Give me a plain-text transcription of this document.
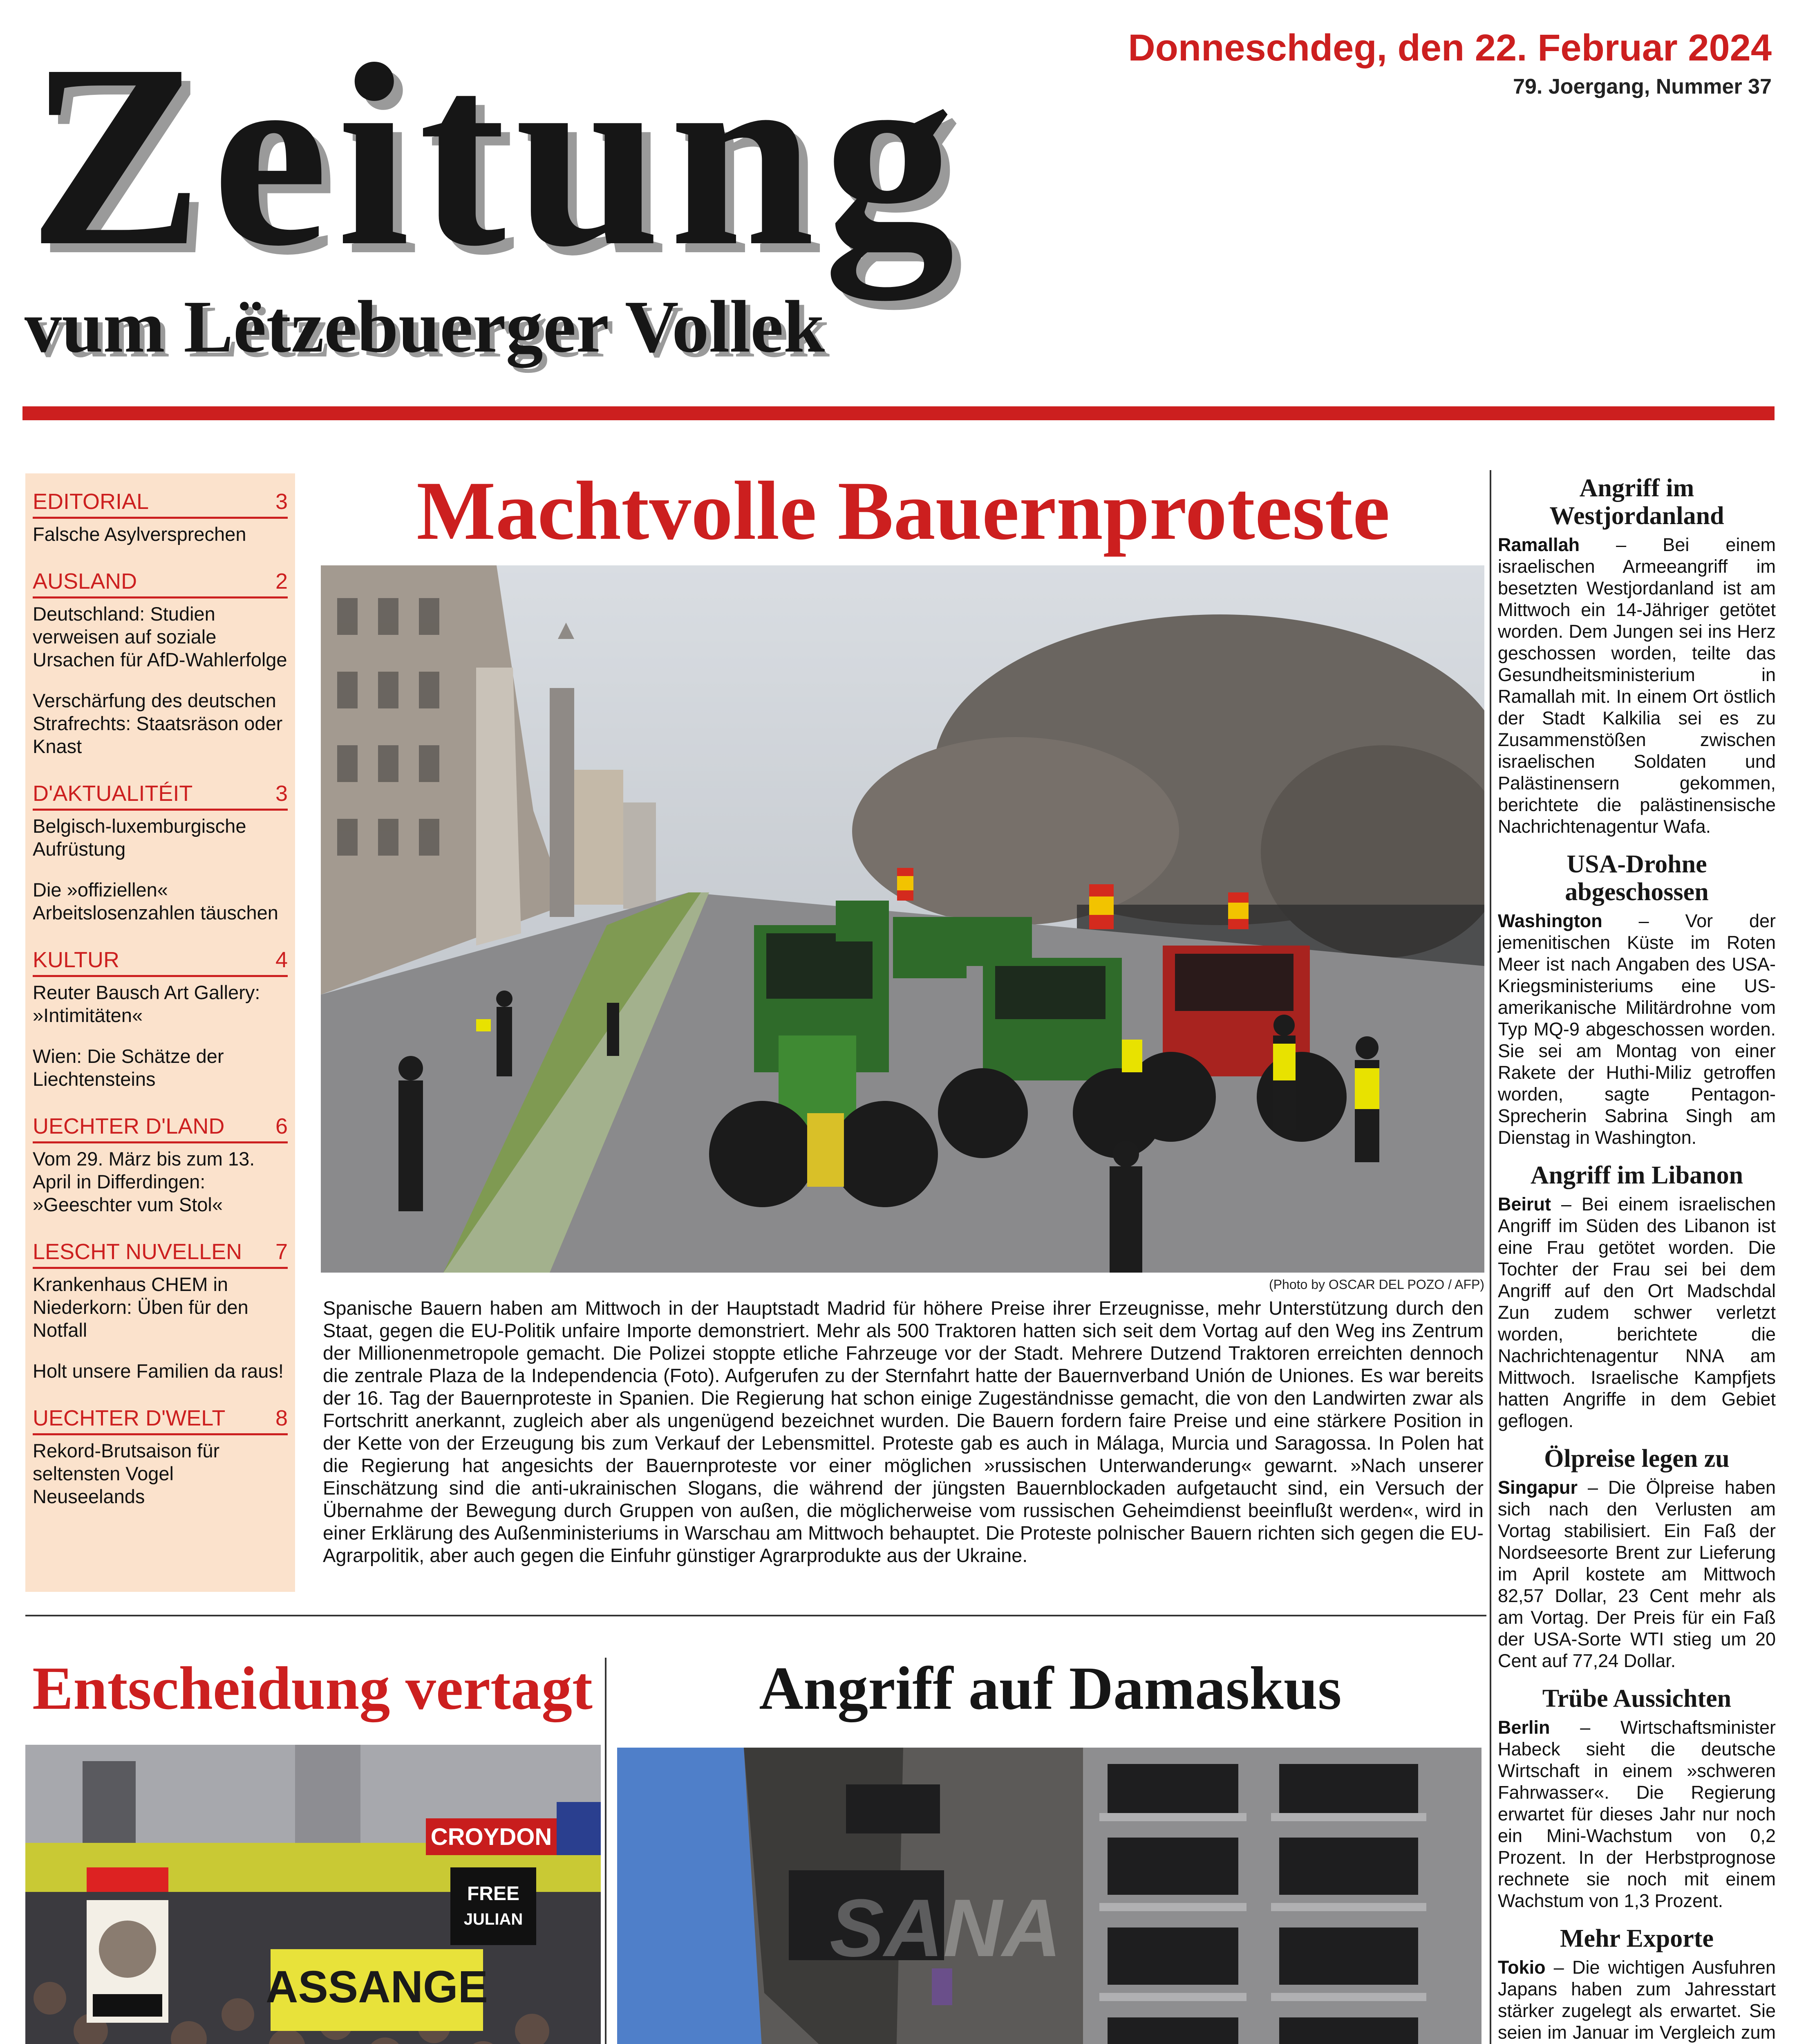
Zeitung
vum Lëtzebuerger Vollek
Donneschdeg, den 22. Februar 2024
79. Joergang, Nummer 37
EDITORIAL	3
Falsche Asylversprechen
AUSLAND	2
Deutschland: Studien verweisen auf soziale Ursachen für AfD-Wahlerfolge
Verschärfung des deutschen Strafrechts: Staatsräson oder Knast
D'AKTUALITÉIT	3
Belgisch-luxemburgische Aufrüstung
Die »offiziellen« Arbeitslosenzahlen täuschen
KULTUR	4
Reuter Bausch Art Gallery: »Intimitäten«
Wien: Die Schätze der Liechtensteins
UECHTER D'LAND 6
Vom 29. März bis zum 13. April in Differdingen: »Geeschter vum Stol«
LESCHT NUVELLEN 7
Krankenhaus CHEM in Niederkorn: Üben für den Notfall
Holt unsere Familien da raus!
UECHTER D'WELT 8
Rekord-Brutsaison für seltensten Vogel Neuseelands
Machtvolle Bauernproteste
(Photo by OSCAR DEL POZO / AFP)
Spanische Bauern haben am Mittwoch in der Hauptstadt Madrid für höhere Preise ihrer Erzeugnisse, mehr Unterstützung durch den Staat, gegen die EU-Politik unfaire Importe demonstriert. Mehr als 500 Traktoren hatten sich seit dem Vortag auf den Weg ins Zentrum der Millionenmetropole gemacht. Die Polizei stoppte etliche Fahrzeuge vor der Stadt. Mehrere Dutzend Traktoren erreichten dennoch die zentrale Plaza de la Independencia (Foto). Aufgerufen zu der Sternfahrt hatte der Bauernverband Unión de Uniones. Es war bereits der 16. Tag der Bauernproteste in Spanien. Die Regierung hat schon einige Zugeständnisse gemacht, die von den Landwirten zwar als Fortschritt anerkannt, zugleich aber als ungenügend bezeichnet wurden. Die Bauern fordern faire Preise und eine stärkere Position in der Kette von der Erzeugung bis zum Verkauf der Lebensmittel. Proteste gab es auch in Málaga, Murcia und Saragossa. In Polen hat die Regierung hat angesichts der Bauernproteste vor einer möglichen »russischen Unterwanderung« gewarnt. »Nach unserer Einschätzung sind die anti-ukrainischen Slogans, die während der jüngsten Bauernblockaden aufgetaucht sind, ein Versuch der Übernahme der Bewegung durch Gruppen von außen, die möglicherweise vom russischen Geheimdienst beeinflußt werden«, wird in einer Erklärung des Außenministeriums in Warschau am Mittwoch behauptet. Die Proteste polnischer Bauern richten sich gegen die EU-Agrarpolitik, aber auch gegen die Einfuhr günstiger Agrarprodukte aus der Ukraine.
Entscheidung vertagt
ASSANGE
CROYDON
FREE
JULIAN
Angriff auf Damaskus
SANA
Angriff im Westjordanland

Ramallah – Bei einem israelischen Armeeangriff im besetzten Westjordanland ist am Mittwoch ein 14-Jähriger getötet worden. Dem Jungen sei ins Herz geschossen worden, teilte das Gesundheitsministerium in Ramallah mit. In einem Ort östlich der Stadt Kalkilia sei es zu Zusammenstößen zwischen israelischen Soldaten und Palästinensern gekommen, berichtete die palästinensische Nachrichtenagentur Wafa.

USA-Drohne abgeschossen

Washington – Vor der jemenitischen Küste im Roten Meer ist nach Angaben des USA-Kriegsministeriums eine US-amerikanische Militärdrohne vom Typ MQ-9 abgeschossen worden. Sie sei am Montag von einer Rakete der Huthi-Miliz getroffen worden, sagte Pentagon-Sprecherin Sabrina Singh am Dienstag in Washington.

Angriff im Libanon

Beirut – Bei einem israelischen Angriff im Süden des Libanon ist eine Frau getötet worden. Die Tochter der Frau sei bei dem Angriff auf den Ort Madschdal Zun zudem schwer verletzt worden, berichtete die Nachrichtenagentur NNA am Mittwoch. Israelische Kampfjets hatten Angriffe in dem Gebiet geflogen.

Ölpreise legen zu

Singapur – Die Ölpreise haben sich nach den Verlusten am Vortag stabilisiert. Ein Faß der Nordseesorte Brent zur Lieferung im April kostete am Mittwoch 82,57 Dollar, 23 Cent mehr als am Vortag. Der Preis für ein Faß der USA-Sorte WTI stieg um 20 Cent auf 77,24 Dollar.

Trübe Aussichten

Berlin – Wirtschaftsminister Habeck sieht die deutsche Wirtschaft in einem »schweren Fahrwasser«. Die Regierung erwartet für dieses Jahr nur noch ein Mini-Wachstum von 0,2 Prozent. In der Herbstprognose rechnete sie noch mit einem Wachstum von 1,3 Prozent.

Mehr Exporte

Tokio – Die wichtigen Ausfuhren Japans haben zum Jahresstart stärker zugelegt als erwartet. Sie seien im Januar im Vergleich zum
